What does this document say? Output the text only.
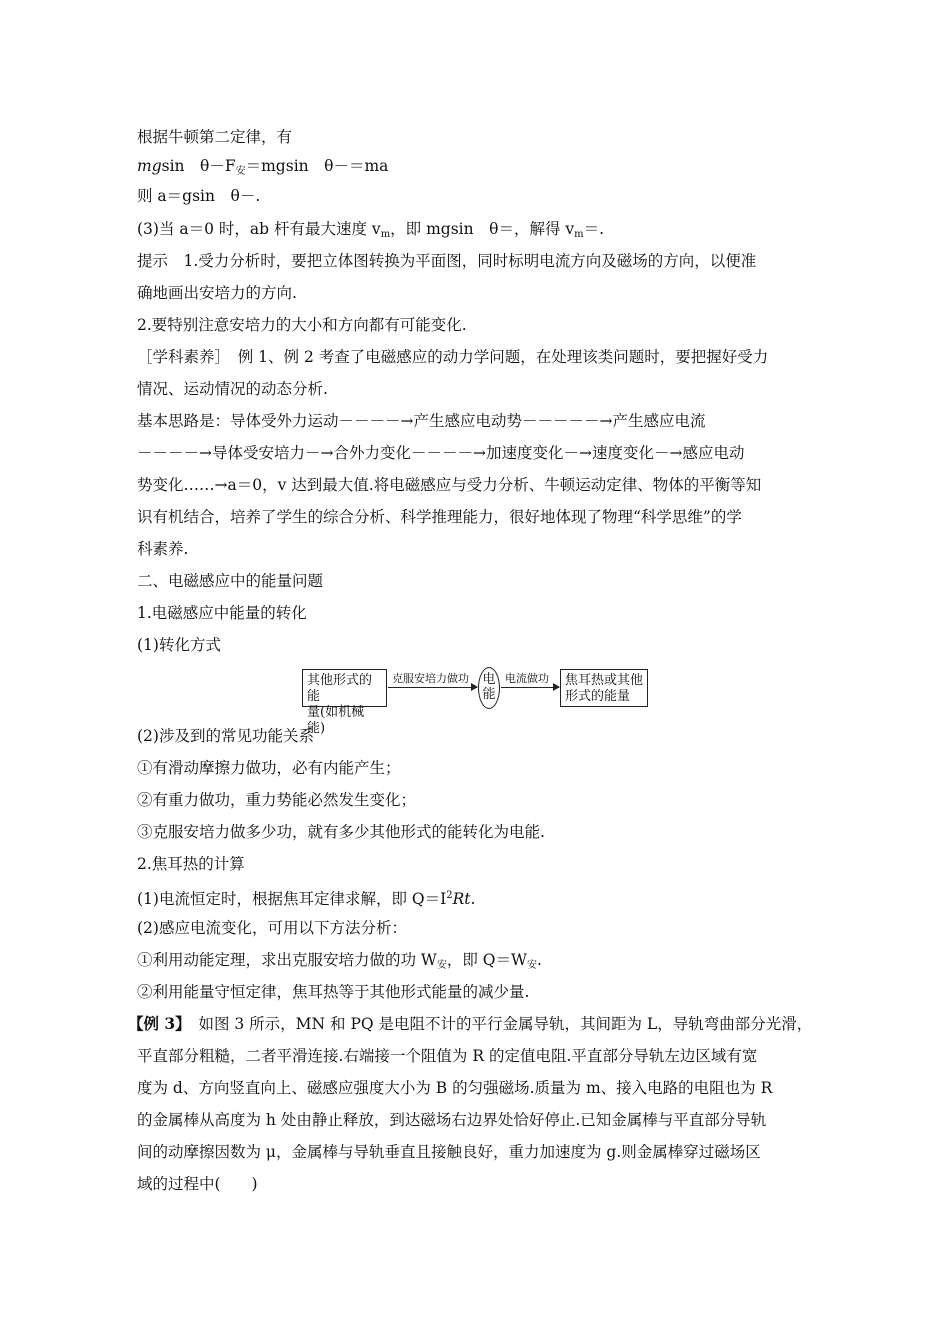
根据牛顿第二定律，有
mgsin　$\theta-F_安=mgsin$　θ－＝ma
则 a＝gsin　θ－.
(3)当 a＝0 时，ab 杆有最大速度 $v_m$，即 mgsin　θ＝，解得 $v_m=$.
提示　1.受力分析时，要把立体图转换为平面图，同时标明电流方向及磁场的方向，以便准
确地画出安培力的方向.
2.要特别注意安培力的大小和方向都有可能变化.
［学科素养］　例 1、例 2 考查了电磁感应的动力学问题，在处理该类问题时，要把握好受力
情况、运动情况的动态分析.
基本思路是：导体受外力运动－－－－→产生感应电动势－－－－－→产生感应电流
－－－－→导体受安培力－→合外力变化－－－－→加速度变化－→速度变化－→感应电动
势变化……→a＝0，v 达到最大值.将电磁感应与受力分析、牛顿运动定律、物体的平衡等知
识有机结合，培养了学生的综合分析、科学推理能力，很好地体现了物理“科学思维”的学
科素养.
二、电磁感应中的能量问题
1.电磁感应中能量的转化
(1)转化方式
其他形式的能
量(如机械能)
克服安培力做功 电
能
电流做功 焦耳热或其他
形式的能量
(2)涉及到的常见功能关系
①有滑动摩擦力做功，必有内能产生；
②有重力做功，重力势能必然发生变化；
③克服安培力做多少功，就有多少其他形式的能转化为电能.
2.焦耳热的计算
(1)电流恒定时，根据焦耳定律求解，即 $Q=I^2Rt$.
(2)感应电流变化，可用以下方法分析：
①利用动能定理，求出克服安培力做的功 $W_安$，即 $Q=W_安$.
②利用能量守恒定律，焦耳热等于其他形式能量的减少量.
【例 3】　如图 3 所示，MN 和 PQ 是电阻不计的平行金属导轨，其间距为 L，导轨弯曲部分光滑，
平直部分粗糙，二者平滑连接.右端接一个阻值为 R 的定值电阻.平直部分导轨左边区域有宽
度为 d、方向竖直向上、磁感应强度大小为 B 的匀强磁场.质量为 m、接入电路的电阻也为 R
的金属棒从高度为 h 处由静止释放，到达磁场右边界处恰好停止.已知金属棒与平直部分导轨
间的动摩擦因数为 μ，金属棒与导轨垂直且接触良好，重力加速度为 g.则金属棒穿过磁场区
域的过程中(　　)
